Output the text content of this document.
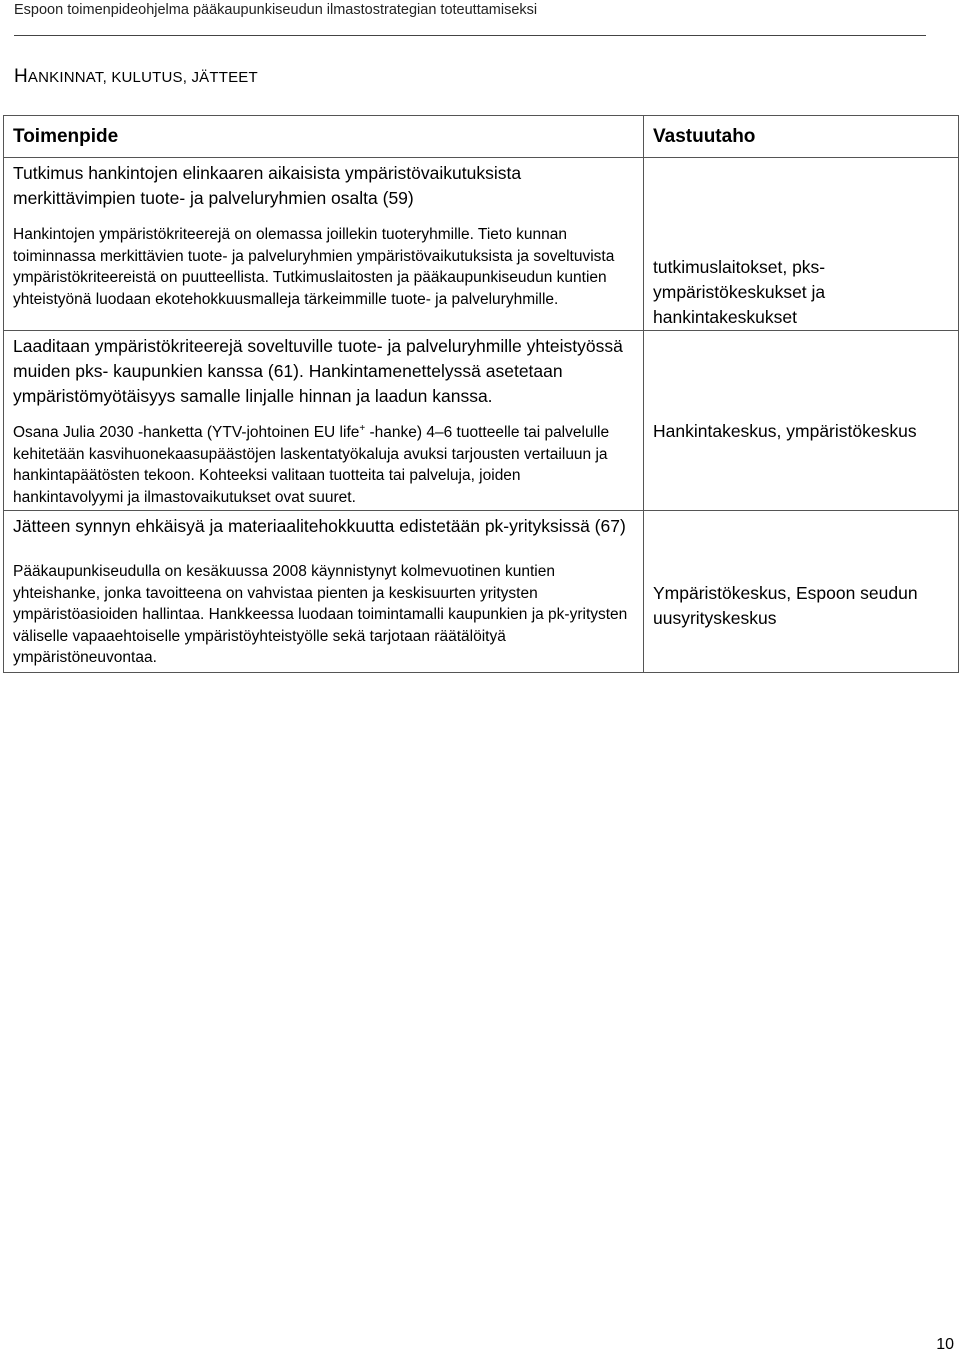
Espoon toimenpideohjelma pääkaupunkiseudun ilmastostrategian toteuttamiseksi
HANKINNAT, KULUTUS, JÄTTEET
Toimenpide	Vastuutaho

Tutkimus hankintojen elinkaaren aikaisista ympäristövaikutuksista merkittävimpien tuote- ja palveluryhmien osalta (59)
Hankintojen ympäristökriteerejä on olemassa joillekin tuoteryhmille. Tieto kunnan toiminnassa merkittävien tuote- ja palveluryhmien ympäristövaikutuksista ja soveltuvista ympäristökriteereistä on puutteellista. Tutkimuslaitosten ja pääkaupunkiseudun kuntien yhteistyönä luodaan ekotehokkuusmalleja tärkeimmille tuote- ja palveluryhmille.	tutkimuslaitokset, pks- ympäristökeskukset ja hankintakeskukset

Laaditaan ympäristökriteerejä soveltuville tuote- ja palveluryhmille yhteistyössä muiden pks- kaupunkien kanssa (61). Hankintamenettelyssä asetetaan ympäristömyötäisyys samalle linjalle hinnan ja laadun kanssa.
Osana Julia 2030 -hanketta (YTV-johtoinen EU life+ -hanke) 4–6 tuotteelle tai palvelulle kehitetään kasvihuonekaasupäästöjen laskentatyökaluja avuksi tarjousten vertailuun ja hankintapäätösten tekoon. Kohteeksi valitaan tuotteita tai palveluja, joiden hankintavolyymi ja ilmastovaikutukset ovat suuret.	Hankintakeskus, ympäristökeskus

Jätteen synnyn ehkäisyä ja materiaalitehokkuutta edistetään pk-yrityksissä (67)
Pääkaupunkiseudulla on kesäkuussa 2008 käynnistynyt kolmevuotinen kuntien yhteishanke, jonka tavoitteena on vahvistaa pienten ja keskisuurten yritysten ympäristöasioiden hallintaa. Hankkeessa luodaan toimintamalli kaupunkien ja pk-yritysten väliselle vapaaehtoiselle ympäristöyhteistyölle sekä tarjotaan räätälöityä ympäristöneuvontaa.	Ympäristökeskus, Espoon seudun uusyrityskeskus
10
